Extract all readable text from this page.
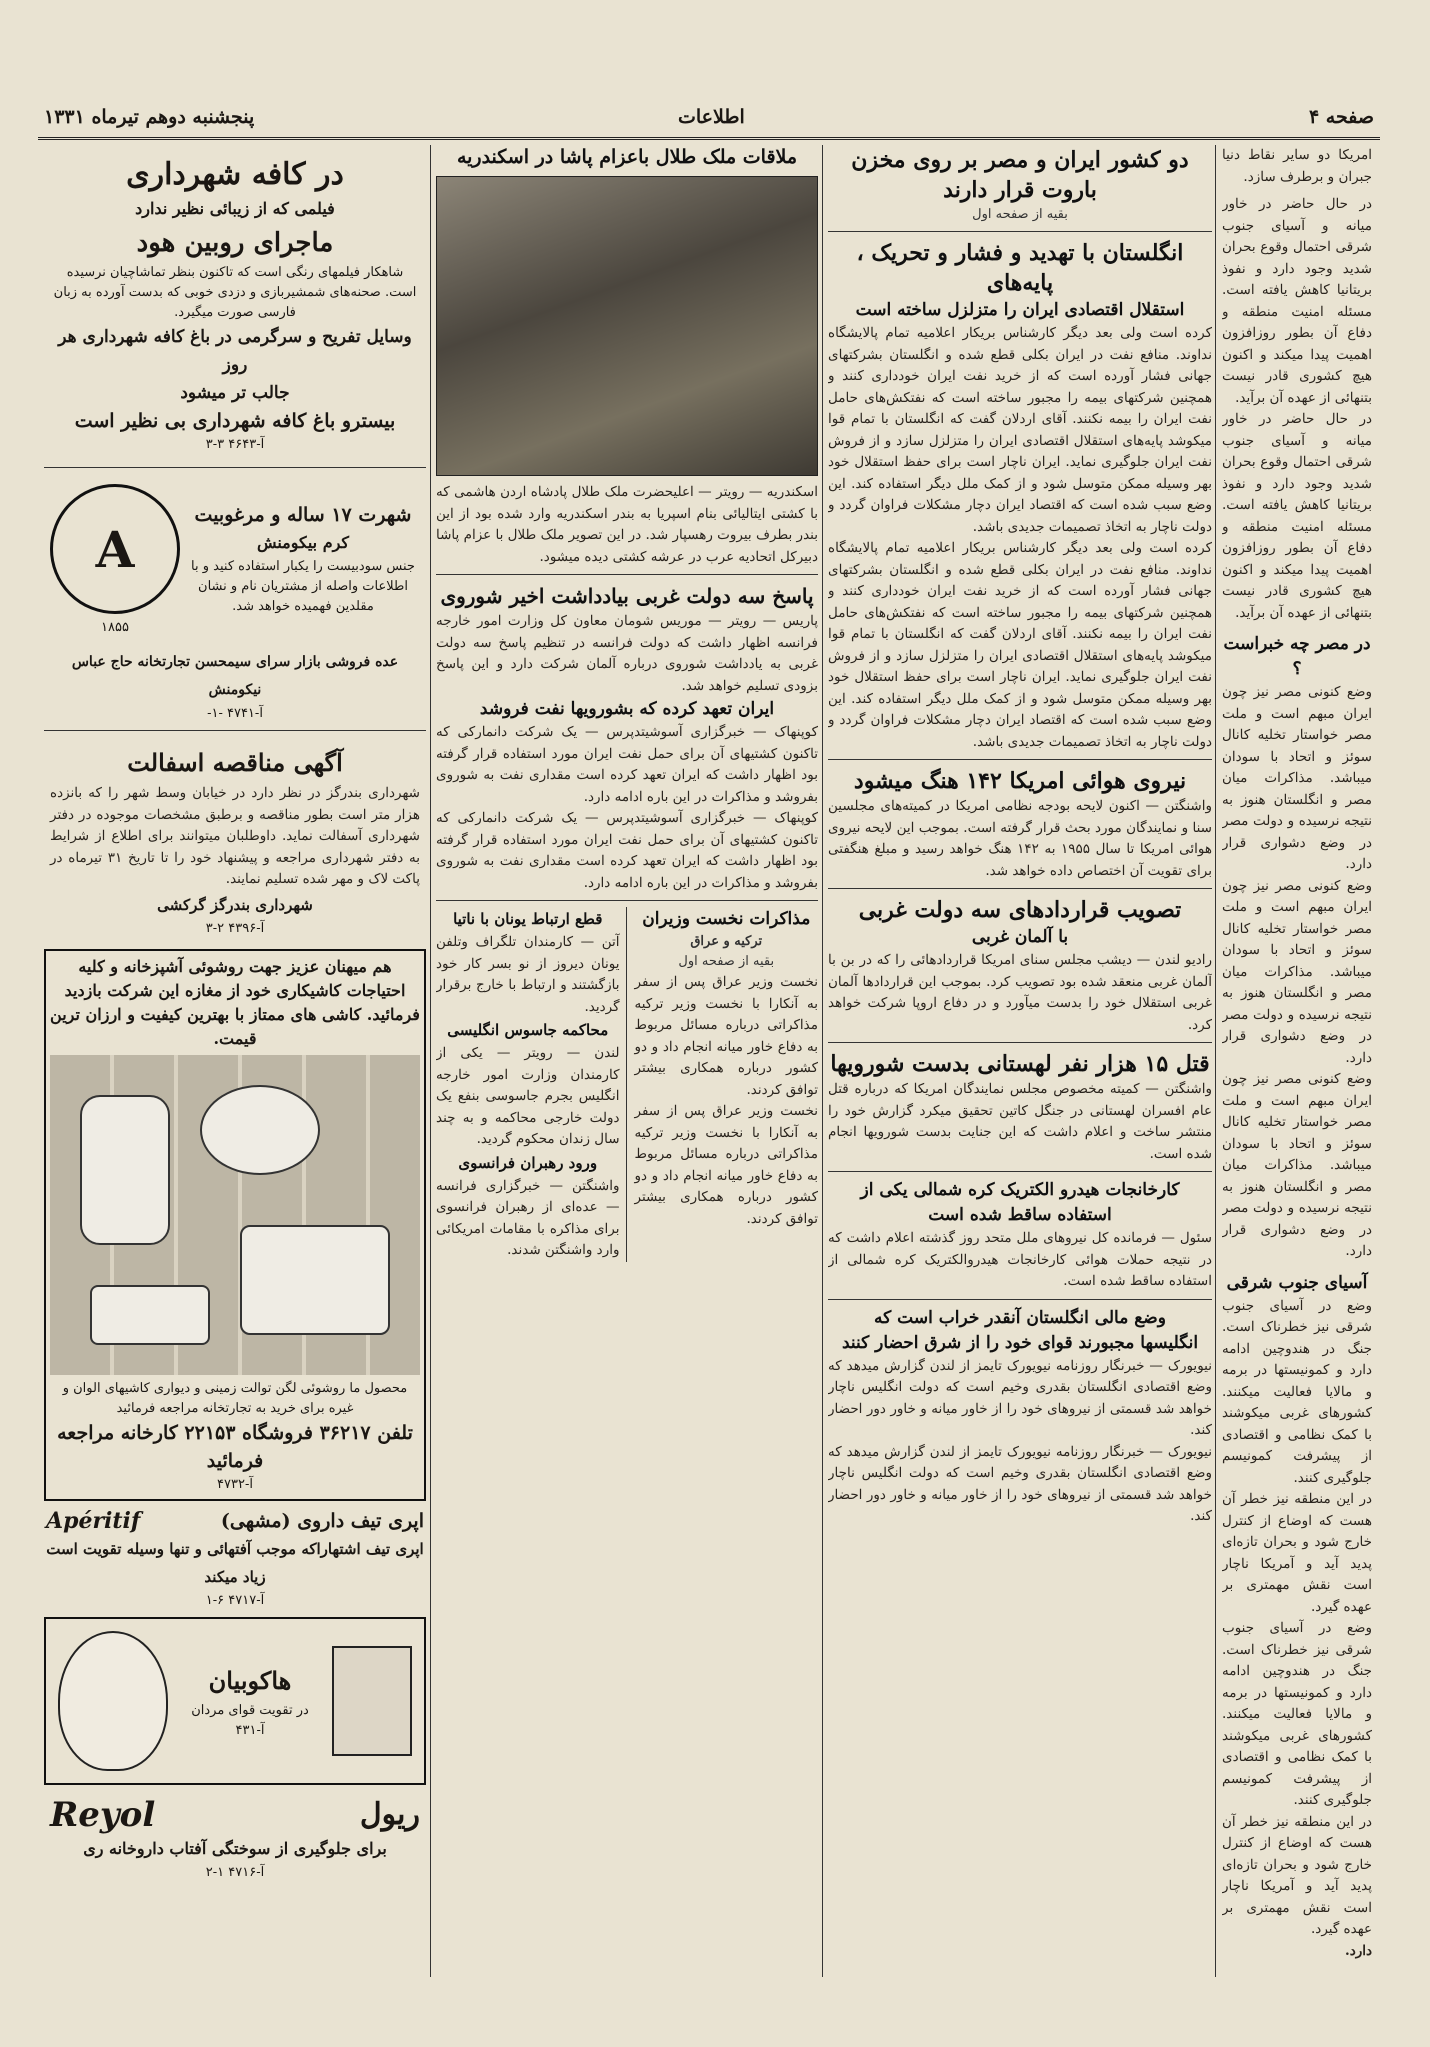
صفحه ۴
اطلاعات
پنجشنبه دوهم تیرماه ۱۳۳۱

امریکا دو سایر نقاط دنیا جبران و برطرف سازد.

در حال حاضر در خاور میانه و آسیای جنوب شرقی احتمال وقوع بحران شدید وجود دارد و نفوذ بریتانیا کاهش یافته است. مسئله امنیت منطقه و دفاع آن بطور روزافزون اهمیت پیدا میکند و اکنون هیچ کشوری قادر نیست بتنهائی از عهده آن برآید.

در حال حاضر در خاور میانه و آسیای جنوب شرقی احتمال وقوع بحران شدید وجود دارد و نفوذ بریتانیا کاهش یافته است. مسئله امنیت منطقه و دفاع آن بطور روزافزون اهمیت پیدا میکند و اکنون هیچ کشوری قادر نیست بتنهائی از عهده آن برآید.

در مصر چه خبراست ؟

وضع کنونی مصر نیز چون ایران مبهم است و ملت مصر خواستار تخلیه کانال سوئز و اتحاد با سودان میباشد. مذاکرات میان مصر و انگلستان هنوز به نتیجه نرسیده و دولت مصر در وضع دشواری قرار دارد.

وضع کنونی مصر نیز چون ایران مبهم است و ملت مصر خواستار تخلیه کانال سوئز و اتحاد با سودان میباشد. مذاکرات میان مصر و انگلستان هنوز به نتیجه نرسیده و دولت مصر در وضع دشواری قرار دارد.

وضع کنونی مصر نیز چون ایران مبهم است و ملت مصر خواستار تخلیه کانال سوئز و اتحاد با سودان میباشد. مذاکرات میان مصر و انگلستان هنوز به نتیجه نرسیده و دولت مصر در وضع دشواری قرار دارد.

آسیای جنوب شرقی

وضع در آسیای جنوب شرقی نیز خطرناک است. جنگ در هندوچین ادامه دارد و کمونیستها در برمه و مالایا فعالیت میکنند. کشورهای غربی میکوشند با کمک نظامی و اقتصادی از پیشرفت کمونیسم جلوگیری کنند.

در این منطقه نیز خطر آن هست که اوضاع از کنترل خارج شود و بحران تازه‌ای پدید آید و آمریکا ناچار است نقش مهمتری بر عهده گیرد.

وضع در آسیای جنوب شرقی نیز خطرناک است. جنگ در هندوچین ادامه دارد و کمونیستها در برمه و مالایا فعالیت میکنند. کشورهای غربی میکوشند با کمک نظامی و اقتصادی از پیشرفت کمونیسم جلوگیری کنند.

در این منطقه نیز خطر آن هست که اوضاع از کنترل خارج شود و بحران تازه‌ای پدید آید و آمریکا ناچار است نقش مهمتری بر عهده گیرد.

دارد.

دو کشور ایران و مصر بر روی مخزن باروت قرار دارند
بقیه از صفحه اول
انگلستان با تهدید و فشار و تحریک ، پایه‌های
استقلال اقتصادی ایران را متزلزل ساخته است

کرده است ولی بعد دیگر کارشناس بریکار اعلامیه تمام پالایشگاه نداوند. منافع نفت در ایران بکلی قطع شده و انگلستان بشرکتهای جهانی فشار آورده است که از خرید نفت ایران خودداری کنند و همچنین شرکتهای بیمه را مجبور ساخته است که نفتکش‌های حامل نفت ایران را بیمه نکنند. آقای اردلان گفت که انگلستان با تمام قوا میکوشد پایه‌های استقلال اقتصادی ایران را متزلزل سازد و از فروش نفت ایران جلوگیری نماید. ایران ناچار است برای حفظ استقلال خود بهر وسیله ممکن متوسل شود و از کمک ملل دیگر استفاده کند. این وضع سبب شده است که اقتصاد ایران دچار مشکلات فراوان گردد و دولت ناچار به اتخاذ تصمیمات جدیدی باشد.

کرده است ولی بعد دیگر کارشناس بریکار اعلامیه تمام پالایشگاه نداوند. منافع نفت در ایران بکلی قطع شده و انگلستان بشرکتهای جهانی فشار آورده است که از خرید نفت ایران خودداری کنند و همچنین شرکتهای بیمه را مجبور ساخته است که نفتکش‌های حامل نفت ایران را بیمه نکنند. آقای اردلان گفت که انگلستان با تمام قوا میکوشد پایه‌های استقلال اقتصادی ایران را متزلزل سازد و از فروش نفت ایران جلوگیری نماید. ایران ناچار است برای حفظ استقلال خود بهر وسیله ممکن متوسل شود و از کمک ملل دیگر استفاده کند. این وضع سبب شده است که اقتصاد ایران دچار مشکلات فراوان گردد و دولت ناچار به اتخاذ تصمیمات جدیدی باشد.

نیروی هوائی امریکا ۱۴۲ هنگ میشود

واشنگتن — اکنون لایحه بودجه نظامی امریکا در کمیته‌های مجلسین سنا و نمایندگان مورد بحث قرار گرفته است. بموجب این لایحه نیروی هوائی امریکا تا سال ۱۹۵۵ به ۱۴۲ هنگ خواهد رسید و مبلغ هنگفتی برای تقویت آن اختصاص داده خواهد شد.

تصویب قراردادهای سه دولت غربی
با آلمان غربی

رادیو لندن — دیشب مجلس سنای امریکا قراردادهائی را که در بن با آلمان غربی منعقد شده بود تصویب کرد. بموجب این قراردادها آلمان غربی استقلال خود را بدست میآورد و در دفاع اروپا شرکت خواهد کرد.

قتل ۱۵ هزار نفر لهستانی بدست شورویها

واشنگتن — کمیته مخصوص مجلس نمایندگان امریکا که درباره قتل عام افسران لهستانی در جنگل کاتین تحقیق میکرد گزارش خود را منتشر ساخت و اعلام داشت که این جنایت بدست شورویها انجام شده است.

کارخانجات هیدرو الکتریک کره شمالی یکی از
استفاده ساقط شده است

سئول — فرمانده کل نیروهای ملل متحد روز گذشته اعلام داشت که در نتیجه حملات هوائی کارخانجات هیدروالکتریک کره شمالی از استفاده ساقط شده است.

وضع مالی انگلستان آنقدر خراب است که
انگلیسها مجبورند قوای خود را از شرق احضار کنند

نیویورک — خبرنگار روزنامه نیویورک تایمز از لندن گزارش میدهد که وضع اقتصادی انگلستان بقدری وخیم است که دولت انگلیس ناچار خواهد شد قسمتی از نیروهای خود را از خاور میانه و خاور دور احضار کند.

نیویورک — خبرنگار روزنامه نیویورک تایمز از لندن گزارش میدهد که وضع اقتصادی انگلستان بقدری وخیم است که دولت انگلیس ناچار خواهد شد قسمتی از نیروهای خود را از خاور میانه و خاور دور احضار کند.

ملاقات ملک طلال باعزام پاشا در اسکندریه

اسکندریه — رویتر — اعلیحضرت ملک طلال پادشاه اردن هاشمی که با کشتی ایتالیائی بنام اسپریا به بندر اسکندریه وارد شده بود از این بندر بطرف بیروت رهسپار شد. در این تصویر ملک طلال با عزام پاشا دبیرکل اتحادیه عرب در عرشه کشتی دیده میشود.

پاسخ سه دولت غربی بیادداشت اخیر شوروی

پاریس — رویتر — موریس شومان معاون کل وزارت امور خارجه فرانسه اظهار داشت که دولت فرانسه در تنظیم پاسخ سه دولت غربی به یادداشت شوروی درباره آلمان شرکت دارد و این پاسخ بزودی تسلیم خواهد شد.

ایران تعهد کرده که بشورویها نفت فروشد

کوپنهاک — خبرگزاری آسوشیتدپرس — یک شرکت دانمارکی که تاکنون کشتیهای آن برای حمل نفت ایران مورد استفاده قرار گرفته بود اظهار داشت که ایران تعهد کرده است مقداری نفت به شوروی بفروشد و مذاکرات در این باره ادامه دارد.

کوپنهاک — خبرگزاری آسوشیتدپرس — یک شرکت دانمارکی که تاکنون کشتیهای آن برای حمل نفت ایران مورد استفاده قرار گرفته بود اظهار داشت که ایران تعهد کرده است مقداری نفت به شوروی بفروشد و مذاکرات در این باره ادامه دارد.

مذاکرات نخست وزیران
ترکیه و عراق
بقیه از صفحه اول

نخست وزیر عراق پس از سفر به آنکارا با نخست وزیر ترکیه مذاکراتی درباره مسائل مربوط به دفاع خاور میانه انجام داد و دو کشور درباره همکاری بیشتر توافق کردند.

نخست وزیر عراق پس از سفر به آنکارا با نخست وزیر ترکیه مذاکراتی درباره مسائل مربوط به دفاع خاور میانه انجام داد و دو کشور درباره همکاری بیشتر توافق کردند.

قطع ارتباط یونان با ناتیا

آتن — کارمندان تلگراف وتلفن یونان دیروز از نو بسر کار خود بازگشتند و ارتباط با خارج برقرار گردید.

محاکمه جاسوس انگلیسی

لندن — رویتر — یکی از کارمندان وزارت امور خارجه انگلیس بجرم جاسوسی بنفع یک دولت خارجی محاکمه و به چند سال زندان محکوم گردید.

ورود رهبران فرانسوی

واشنگتن — خبرگزاری فرانسه — عده‌ای از رهبران فرانسوی برای مذاکره با مقامات امریکائی وارد واشنگتن شدند.

در کافه شهرداری
فیلمی که از زیبائی نظیر ندارد
ماجرای روبین هود

شاهکار فیلمهای رنگی است که تاکنون بنظر تماشاچیان نرسیده است. صحنه‌های شمشیربازی و دزدی خوبی که بدست آورده به زبان فارسی صورت میگیرد.

وسایل تفریح و سرگرمی در باغ کافه شهرداری هر روز
جالب تر میشود
بیسترو باغ کافه شهرداری بی نظیر است
آ-۴۶۴۳ ۳-۳
شهرت ۱۷ ساله و مرغوبیت
کرم بیکومنش

جنس سودبیست را یکبار استفاده کنید و با اطلاعات واصله از مشتریان نام و نشان مقلدین فهمیده خواهد شد.

A
۱۸۵۵
عده فروشی بازار سرای سیمحسن تجارتخانه حاج عباس نیکومنش
آ-۴۷۴۱ -۱-
آگهی مناقصه اسفالت

شهرداری بندرگز در نظر دارد در خیابان وسط شهر را که بانزده هزار متر است بطور مناقصه و برطبق مشخصات موجوده در دفتر شهرداری آسفالت نماید. داوطلبان میتوانند برای اطلاع از شرایط به دفتر شهرداری مراجعه و پیشنهاد خود را تا تاریخ ۳۱ تیرماه در پاکت لاک و مهر شده تسلیم نمایند.

شهرداری بندرگز گرکشی
آ-۴۳۹۶ ۲-۳

هم میهنان عزیز جهت روشوئی آشپزخانه و کلیه احتیاجات کاشیکاری خود از مغازه این شرکت بازدید فرمائید. کاشی های ممتاز با بهترین کیفیت و ارزان ترین قیمت.

محصول ما روشوئی لگن توالت زمینی و دیواری کاشیهای الوان و غیره برای خرید به تجارتخانه مراجعه فرمائید

تلفن ۳۶۲۱۷ فروشگاه ۲۲۱۵۳ کارخانه مراجعه فرمائید
آ-۴۷۳۲
اپری تیف داروی (مشهی)
Apéritif
اپری تیف اشتهاراکه موجب آفتهائی و تنها وسیله تقویت است زیاد میکند
آ-۴۷۱۷ ۶-۱
هاکوبیان
در تقویت قوای مردان
آ-۴۳۱
ریول
Reyol
برای جلوگیری از سوختگی آفتاب داروخانه ری
آ-۴۷۱۶ ۱-۲
